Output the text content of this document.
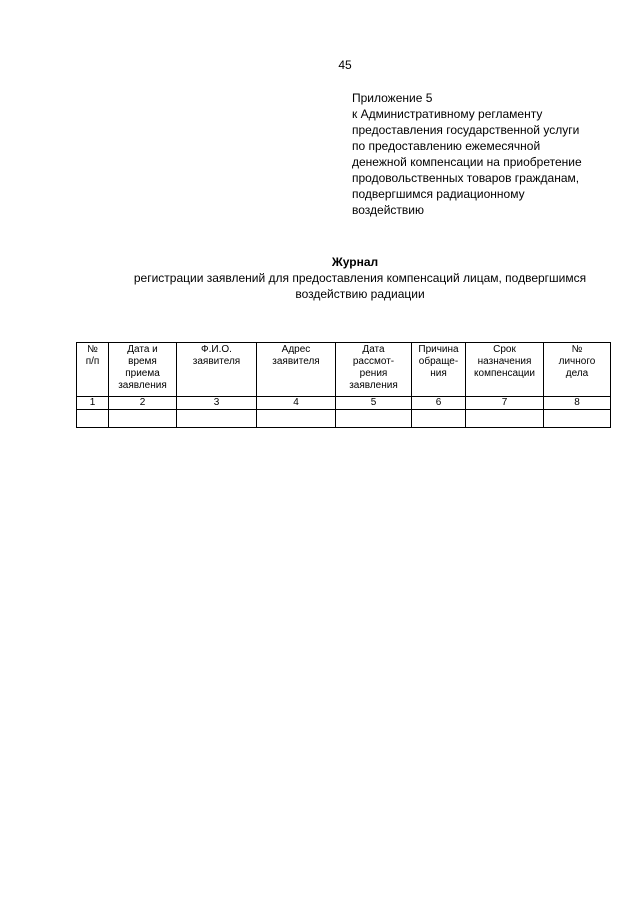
45
Приложение 5
к Административному регламенту
предоставления государственной услуги
по предоставлению ежемесячной
денежной компенсации на приобретение
продовольственных товаров гражданам,
подвергшимся радиационному
воздействию
Журнал
регистрации заявлений для предоставления компенсаций лицам, подвергшимся воздействию радиации
№
п/п	Дата и
время
приема
заявления	Ф.И.О.
заявителя	Адрес
заявителя	Дата
рассмот-
рения
заявления	Причина
обраще-
ния	Срок
назначения
компенсации	№
личного
дела

1	2	3	4	5	6	7	8
